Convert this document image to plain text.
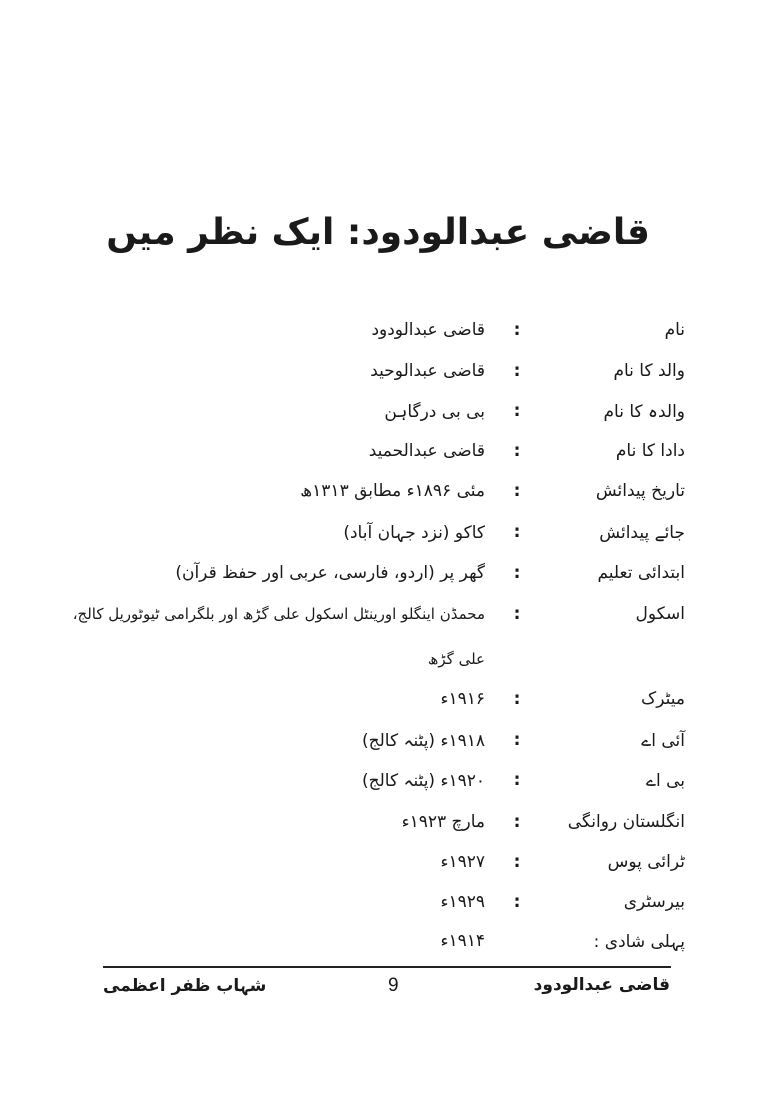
قاضی عبدالودود: ایک نظر میں
نام
:
قاضی عبدالودود
والد کا نام
:
قاضی عبدالوحید
والدہ کا نام
:
بی بی درگاہن
دادا کا نام
:
قاضی عبدالحمید
تاریخ پیدائش
:
مئی ۱۸۹۶ء مطابق ۱۳۱۳ھ
جائے پیدائش
:
کاکو (نزد جہان آباد)
ابتدائی تعلیم
:
گھر پر (اردو، فارسی، عربی اور حفظ قرآن)
اسکول
:
محمڈن اینگلو اورینٹل اسکول علی گڑھ اور بلگرامی ٹیوٹوریل کالج،
علی گڑھ
میٹرک
:
۱۹۱۶ء
آئی اے
:
۱۹۱۸ء (پٹنہ کالج)
بی اے
:
۱۹۲۰ء (پٹنہ کالج)
انگلستان روانگی
:
مارچ ۱۹۲۳ء
ٹرائی پوس
:
۱۹۲۷ء
بیرسٹری
:
۱۹۲۹ء
پہلی شادی :
۱۹۱۴ء
قاضی عبدالودود
9
شہاب ظفر اعظمی
